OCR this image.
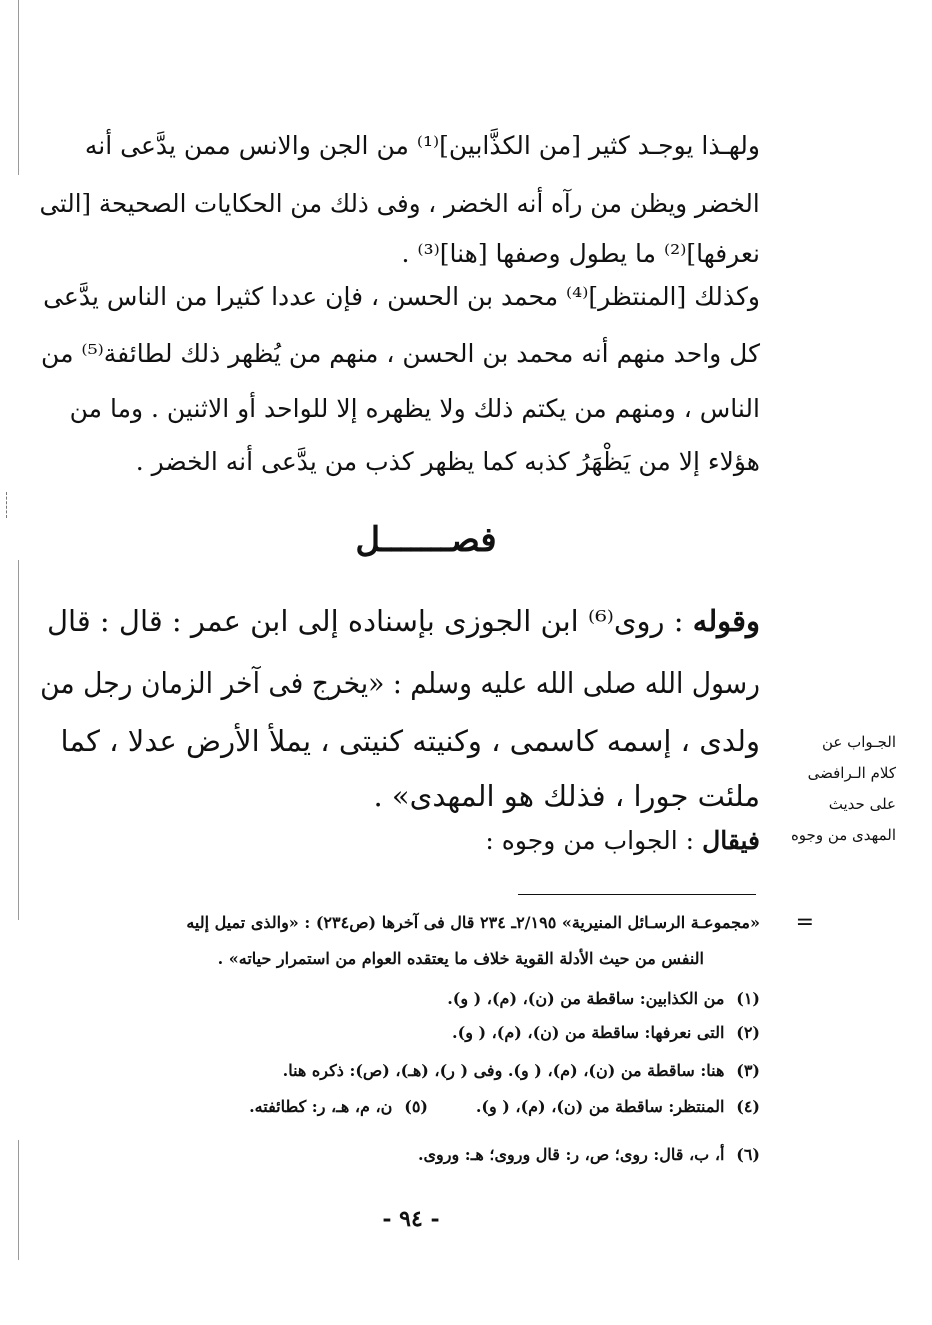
ولهـذا يوجـد كثير [من الكذَّابين]⁽¹⁾ من الجن والانس ممن يدَّعى أنه
الخضر ويظن من رآه أنه الخضر ، وفى ذلك من الحكايات الصحيحة [التى
نعرفها]⁽²⁾ ما يطول وصفها [هنا]⁽³⁾ .
وكذلك [المنتظر]⁽⁴⁾ محمد بن الحسن ، فإن عددا كثيرا من الناس يدَّعى
كل واحد منهم أنه محمد بن الحسن ، منهم من يُظهر ذلك لطائفة⁽⁵⁾ من
الناس ، ومنهم من يكتم ذلك ولا يظهره إلا للواحد أو الاثنين . وما من
هؤلاء إلا من يَظْهَرُ كذبه كما يظهر كذب من يدَّعى أنه الخضر .
فصـــــــل
وقوله : روى⁽⁶⁾ ابن الجوزى بإسناده إلى ابن عمر : قال : قال
رسول الله صلى الله عليه وسلم : «يخرج فى آخر الزمان رجل من
ولدى ، إسمه كاسمى ، وكنيته كنيتى ، يملأ الأرض عدلا ، كما
ملئت جورا ، فذلك هو المهدى» .
فيقال : الجواب من وجوه :
الجـواب عن
كلام الـرافضى
على حديث
المهدى من وجوه
=
«مجموعـة الرسـائل المنيرية» ٢/١٩٥ـ ٢٣٤ قال فى آخرها (ص٢٣٤) : «والذى تميل إليه
النفس من حيث الأدلة القوية خلاف ما يعتقده العوام من استمرار حياته» .
(١) من الكذابين: ساقطة من (ن)، (م)، ( و).
(٢) التى نعرفها: ساقطة من (ن)، (م)، ( و).
(٣) هنا: ساقطة من (ن)، (م)، ( و). وفى ( ر)، (هـ)، (ص): ذكره هنا.
(٤) المنتظر: ساقطة من (ن)، (م)، ( و).
(٥) ن، م، هـ، ر: كطائفته.
(٦) أ، ب، قال: روى؛ ص، ر: قال وروى؛ هـ: وروى.
- ٩٤ -
